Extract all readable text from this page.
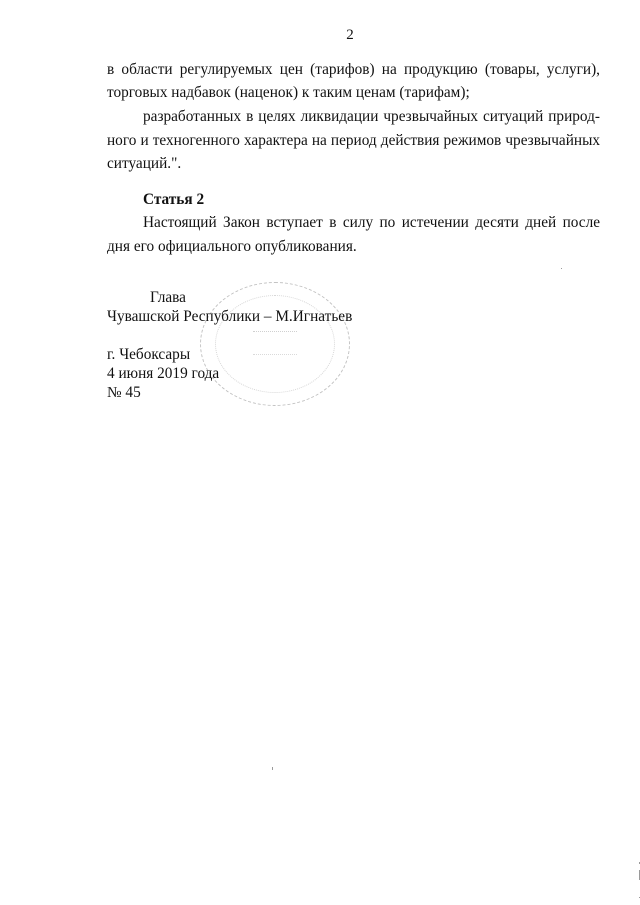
2
в области регулируемых цен (тарифов) на продукцию (товары, услуги),
торговых надбавок (наценок) к таким ценам (тарифам);
разработанных в целях ликвидации чрезвычайных ситуаций природ-
ного и техногенного характера на период действия режимов чрезвычайных
ситуаций.".
Статья 2
Настоящий Закон вступает в силу по истечении десяти дней после
дня его официального опубликования.
Глава
Чувашской Республики – М.Игнатьев
г. Чебоксары
4 июня 2019 года
№ 45
